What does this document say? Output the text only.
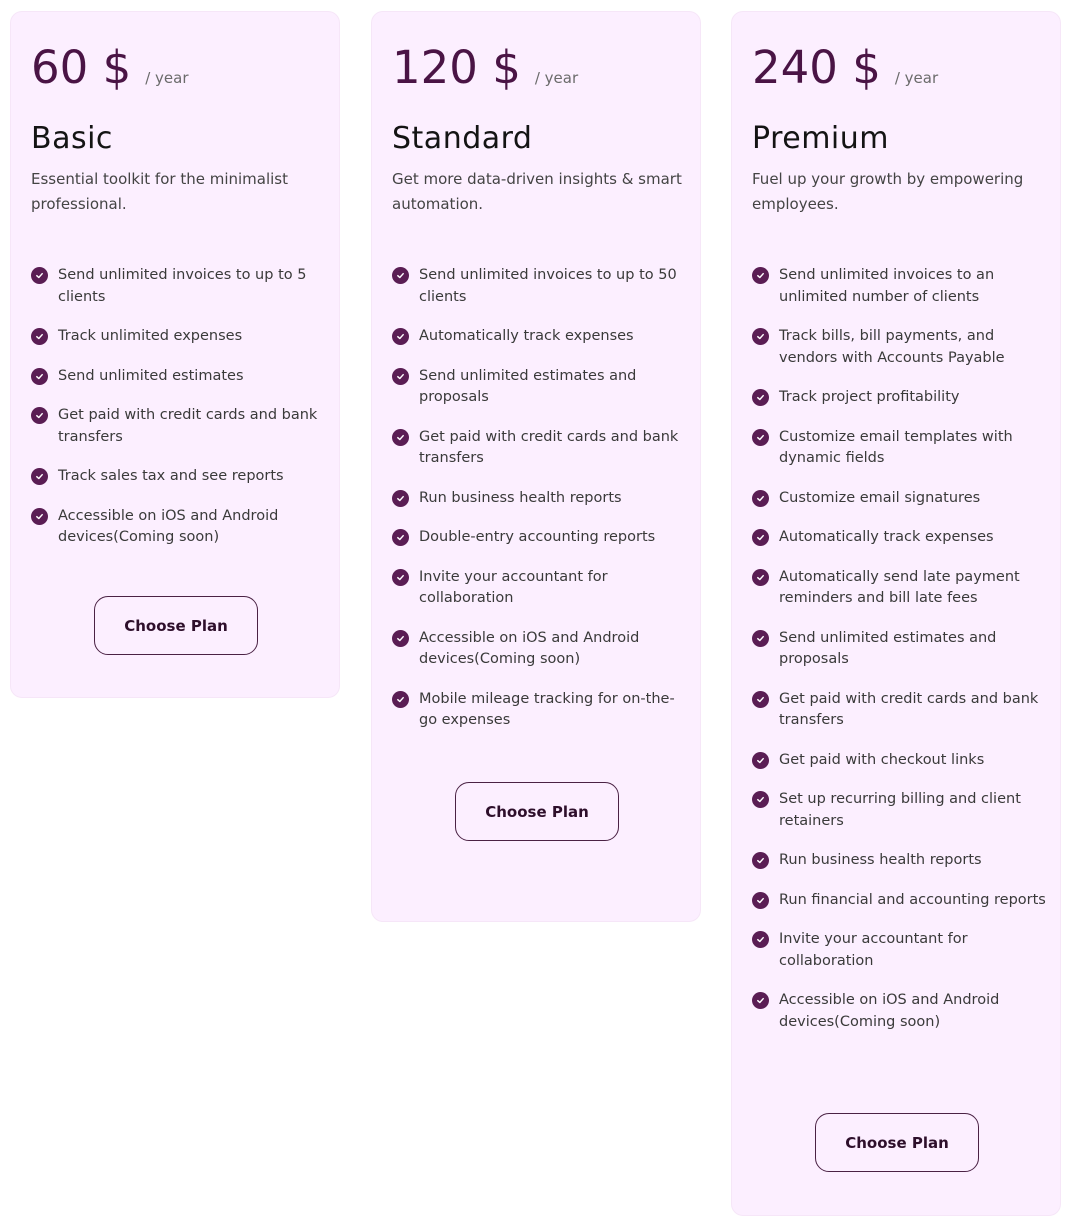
60 $ / year
Basic

Essential toolkit for the minimalist professional.

Send unlimited invoices to up to 5 clients
Track unlimited expenses
Send unlimited estimates
Get paid with credit cards and bank transfers
Track sales tax and see reports
Accessible on iOS and Android devices(Coming soon)
Choose Plan
120 $ / year
Standard

Get more data-driven insights & smart automation.

Send unlimited invoices to up to 50 clients
Automatically track expenses
Send unlimited estimates and proposals
Get paid with credit cards and bank transfers
Run business health reports
Double-entry accounting reports
Invite your accountant for collaboration
Accessible on iOS and Android devices(Coming soon)
Mobile mileage tracking for on-the-go expenses
Choose Plan
240 $ / year
Premium

Fuel up your growth by empowering employees.

Send unlimited invoices to an unlimited number of clients
Track bills, bill payments, and vendors with Accounts Payable
Track project profitability
Customize email templates with dynamic fields
Customize email signatures
Automatically track expenses
Automatically send late payment reminders and bill late fees
Send unlimited estimates and proposals
Get paid with credit cards and bank transfers
Get paid with checkout links
Set up recurring billing and client retainers
Run business health reports
Run financial and accounting reports
Invite your accountant for collaboration
Accessible on iOS and Android devices(Coming soon)
Choose Plan
